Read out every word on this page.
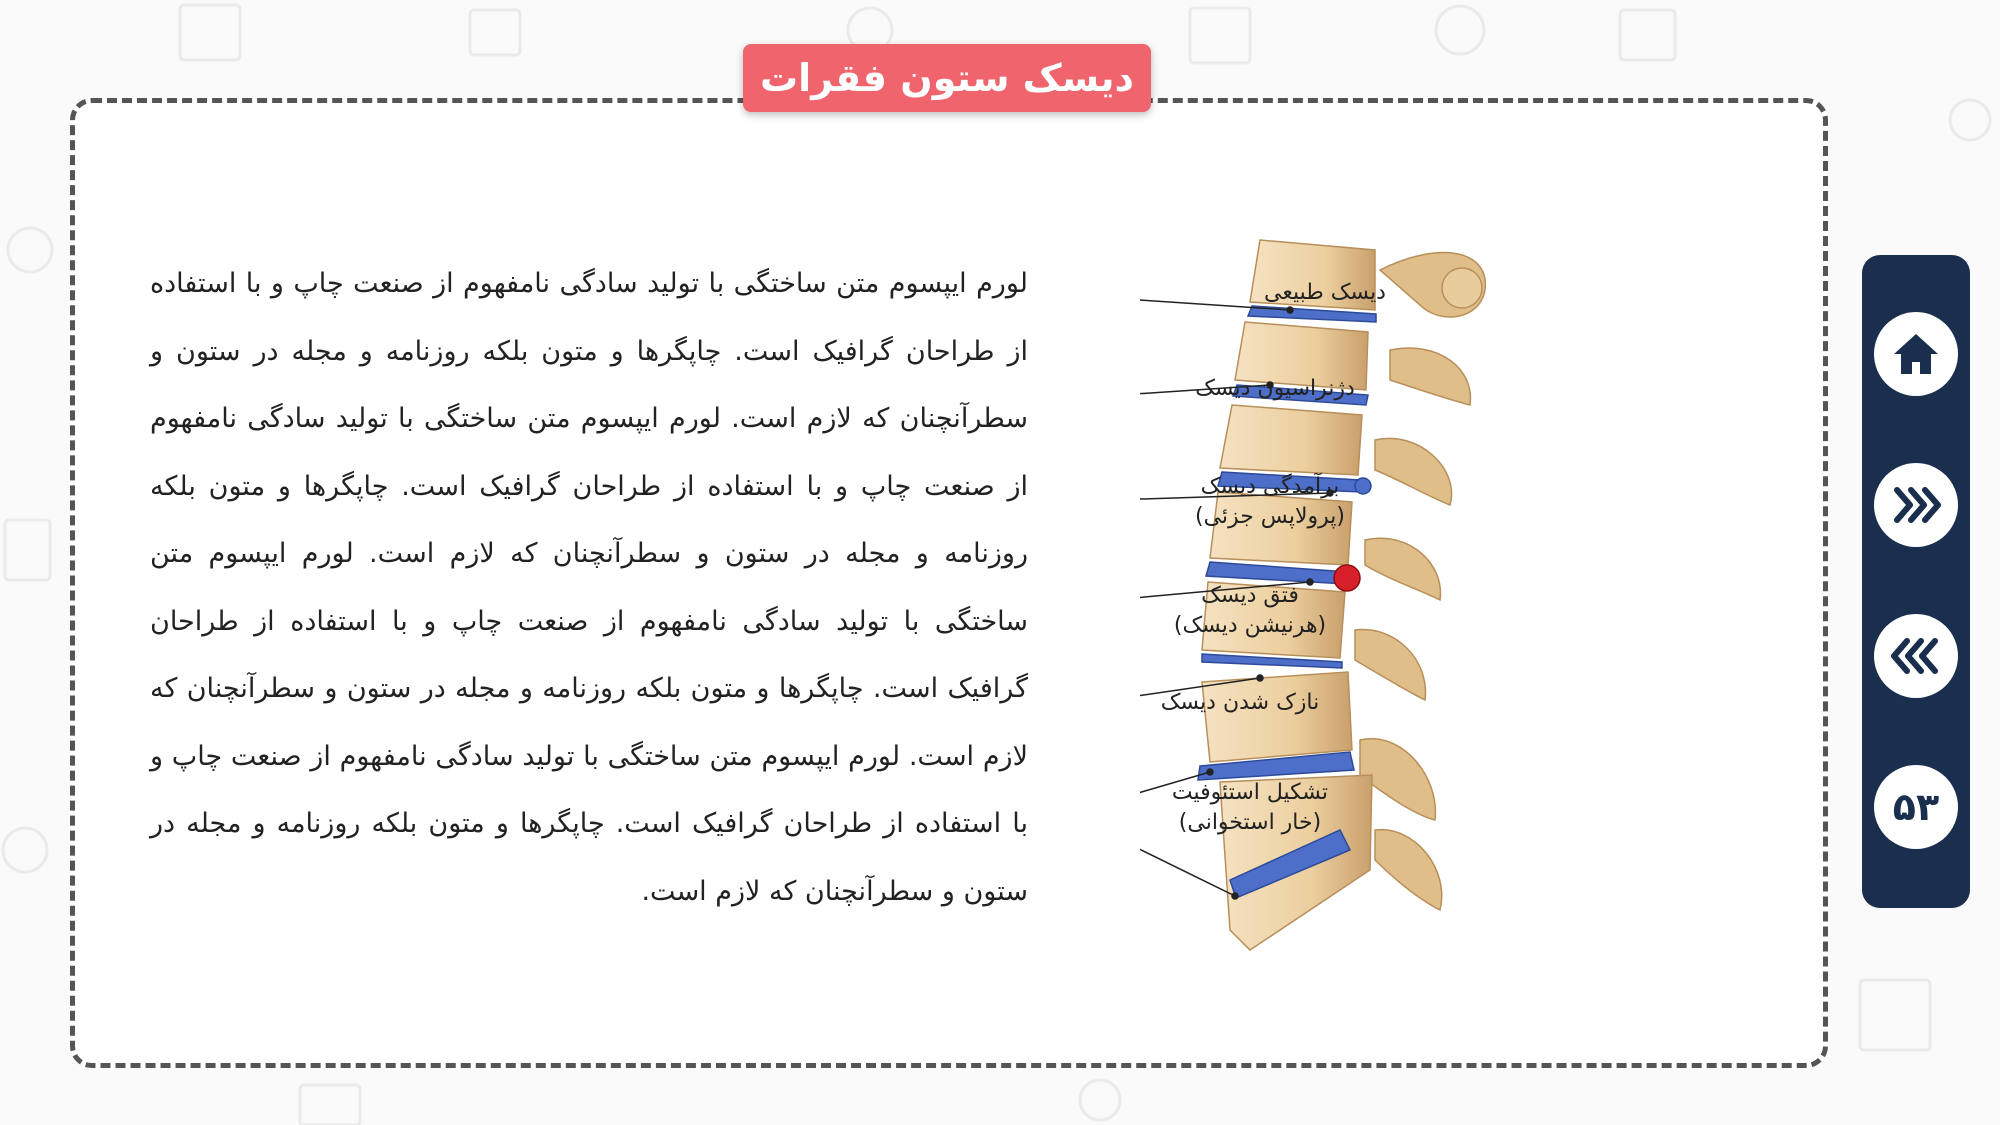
دیسک ستون فقرات
لورم ایپسوم متن ساختگی با تولید سادگی نامفهوم از صنعت چاپ و با استفاده از طراحان گرافیک است. چاپگرها و متون بلکه روزنامه و مجله در ستون و سطرآنچنان که لازم است. لورم ایپسوم متن ساختگی با تولید سادگی نامفهوم از صنعت چاپ و با استفاده از طراحان گرافیک است. چاپگرها و متون بلکه روزنامه و مجله در ستون و سطرآنچنان که لازم است. لورم ایپسوم متن ساختگی با تولید سادگی نامفهوم از صنعت چاپ و با استفاده از طراحان گرافیک است. چاپگرها و متون بلکه روزنامه و مجله در ستون و سطرآنچنان که لازم است. لورم ایپسوم متن ساختگی با تولید سادگی نامفهوم از صنعت چاپ و با استفاده از طراحان گرافیک است. چاپگرها و متون بلکه روزنامه و مجله در ستون و سطرآنچنان که لازم است.
دیسک طبیعی
دژنراسیون دیسک
برآمدگی دیسک
(پرولاپس جزئی)
فتق دیسک
(هرنیشن دیسک)
نازک شدن دیسک
تشکیل استئوفیت
(خار استخوانی)	۵۳
